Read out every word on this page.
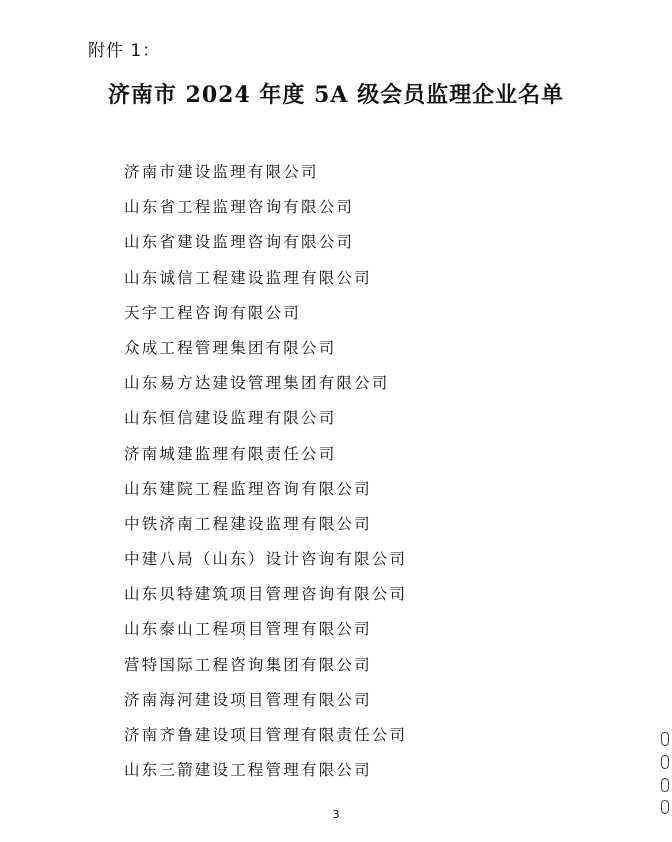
附件 1：
济南市 2024 年度 5A 级会员监理企业名单
济南市建设监理有限公司
山东省工程监理咨询有限公司
山东省建设监理咨询有限公司
山东诚信工程建设监理有限公司
天宇工程咨询有限公司
众成工程管理集团有限公司
山东易方达建设管理集团有限公司
山东恒信建设监理有限公司
济南城建监理有限责任公司
山东建院工程监理咨询有限公司
中铁济南工程建设监理有限公司
中建八局（山东）设计咨询有限公司
山东贝特建筑项目管理咨询有限公司
山东泰山工程项目管理有限公司
营特国际工程咨询集团有限公司
济南海河建设项目管理有限公司
济南齐鲁建设项目管理有限责任公司
山东三箭建设工程管理有限公司
3
